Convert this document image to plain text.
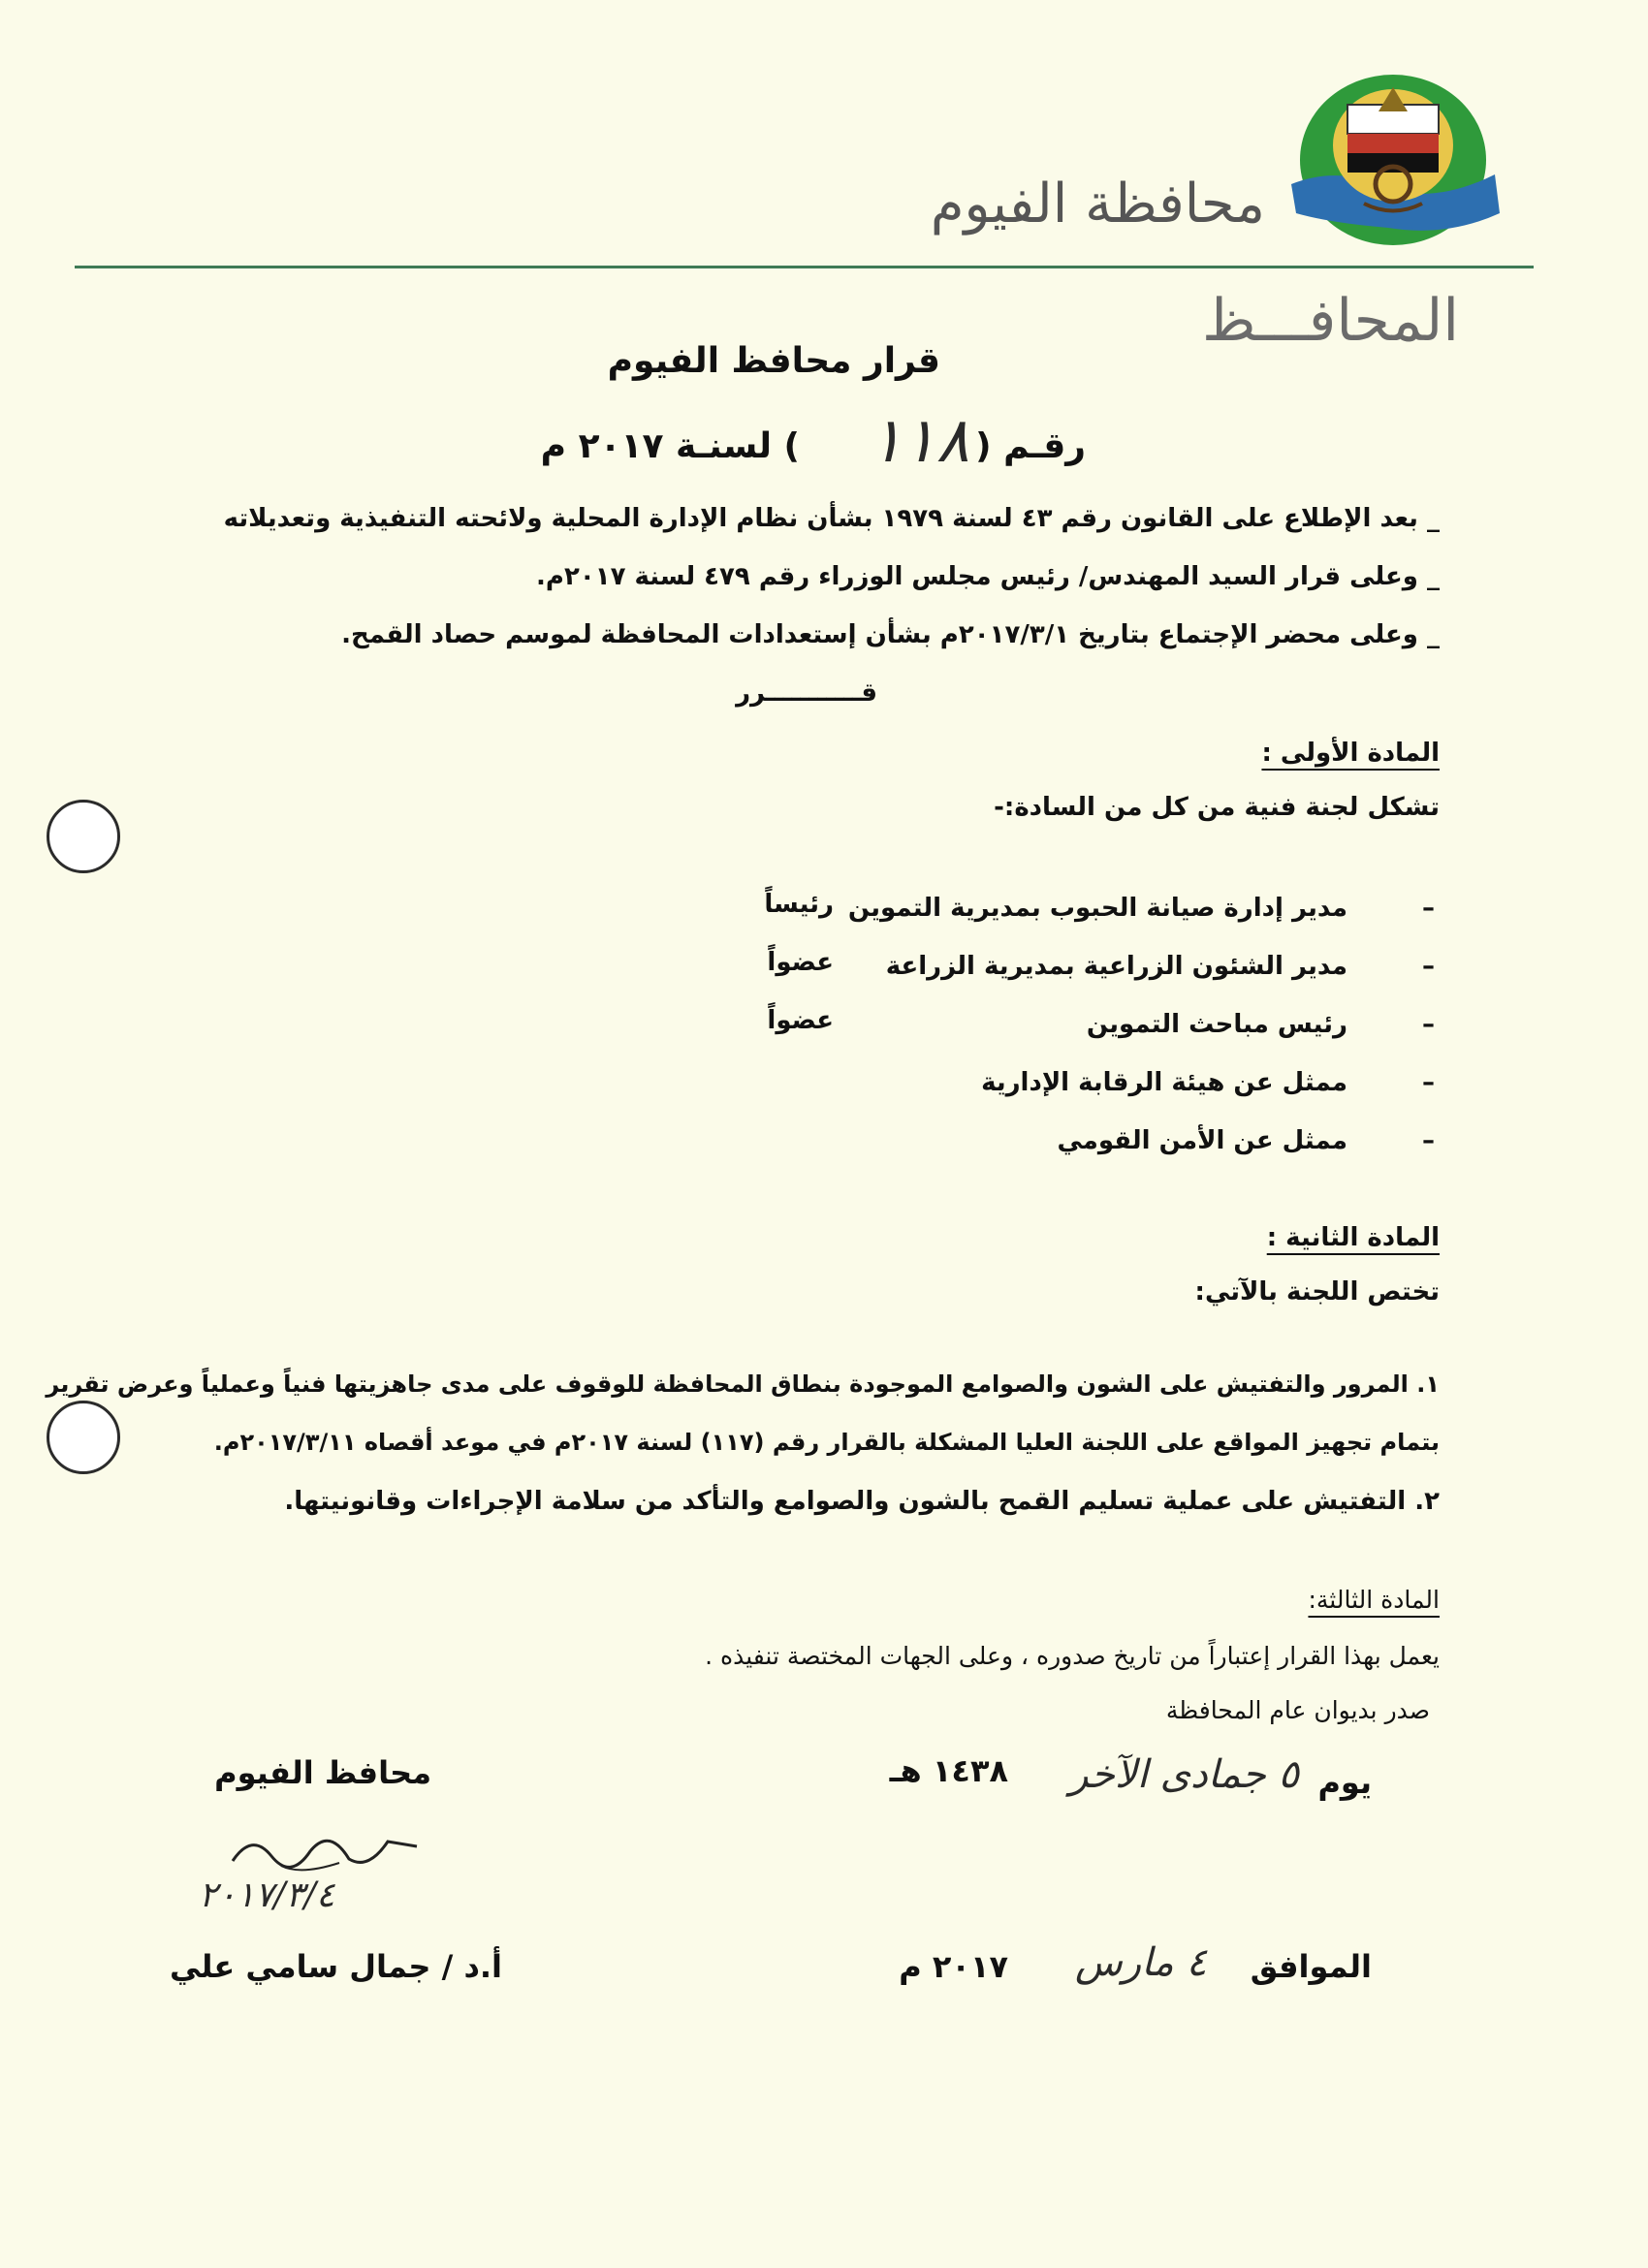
محافظة الفيوم
المحافـــظ
قرار محافظ الفيوم
رقـم (
١١٨
) لسنـة ٢٠١٧ م
_ بعد الإطلاع على القانون رقم ٤٣ لسنة ١٩٧٩ بشأن نظام الإدارة المحلية ولائحته التنفيذية وتعديلاته
_ وعلى قرار السيد المهندس/ رئيس مجلس الوزراء رقم ٤٧٩ لسنة ٢٠١٧م.
_ وعلى محضر الإجتماع بتاريخ ٢٠١٧/٣/١م بشأن إستعدادات المحافظة لموسم حصاد القمح.
قـــــــــــرر
المادة الأولى :
تشكل لجنة فنية من كل من السادة:-
–
مدير إدارة صيانة الحبوب بمديرية التموين
رئيساً
–
مدير الشئون الزراعية بمديرية الزراعة
عضواً
–
رئيس مباحث التموين
عضواً
–
ممثل عن هيئة الرقابة الإدارية
–
ممثل عن الأمن القومي
المادة الثانية :
تختص اللجنة بالآتي:
١. المرور والتفتيش على الشون والصوامع الموجودة بنطاق المحافظة للوقوف على مدى جاهزيتها فنياً وعملياً وعرض تقرير
بتمام تجهيز المواقع على اللجنة العليا المشكلة بالقرار رقم (١١٧) لسنة ٢٠١٧م في موعد أقصاه ٢٠١٧/٣/١١م.
٢. التفتيش على عملية تسليم القمح بالشون والصوامع والتأكد من سلامة الإجراءات وقانونيتها.
المادة الثالثة:
يعمل بهذا القرار إعتباراً من تاريخ صدوره ، وعلى الجهات المختصة تنفيذه .
صدر بديوان عام المحافظة
يوم
٥ جمادى الآخر
١٤٣٨ هـ
الموافق
٤ مارس
٢٠١٧ م
محافظ الفيوم
٢٠١٧/٣/٤
أ.د / جمال سامي علي
